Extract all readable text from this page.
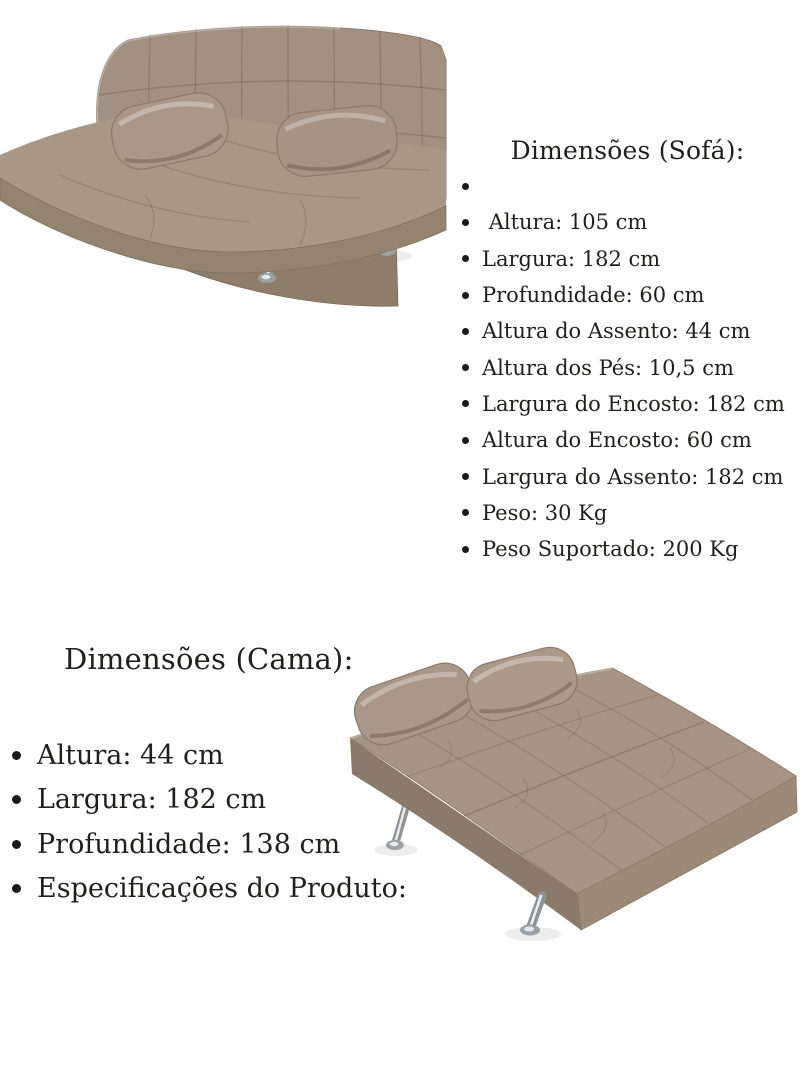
Dimensões (Sofá):
Altura: 105 cm
Largura: 182 cm
Profundidade: 60 cm
Altura do Assento: 44 cm
Altura dos Pés: 10,5 cm
Largura do Encosto: 182 cm
Altura do Encosto: 60 cm
Largura do Assento: 182 cm
Peso: 30 Kg
Peso Suportado: 200 Kg
Dimensões (Cama):
Altura: 44 cm
Largura: 182 cm
Profundidade: 138 cm
Especificações do Produto:
